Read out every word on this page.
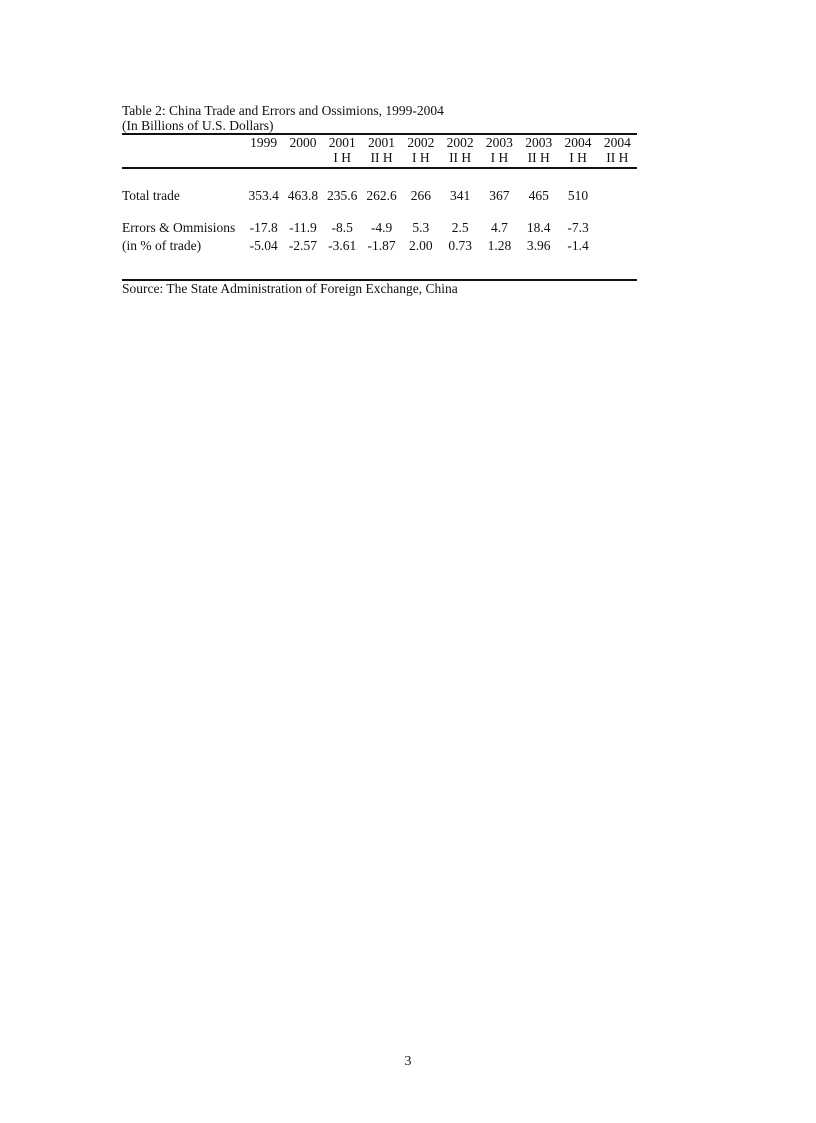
Table 2: China Trade and Errors and Ossimions, 1999-2004
(In Billions of U.S. Dollars)
	1999	2000	2001	2001	2002	2002	2003	2003	2004	2004
			I H	II H	I H	II H	I H	II H	I H	II H

Total trade	353.4	463.8	235.6	262.6	266	341	367	465	510	

Errors & Ommisions	-17.8	-11.9	-8.5	-4.9	5.3	2.5	4.7	18.4	-7.3	
(in % of trade)	-5.04	-2.57	-3.61	-1.87	2.00	0.73	1.28	3.96	-1.4	

Source: The State Administration of Foreign Exchange, China
3
